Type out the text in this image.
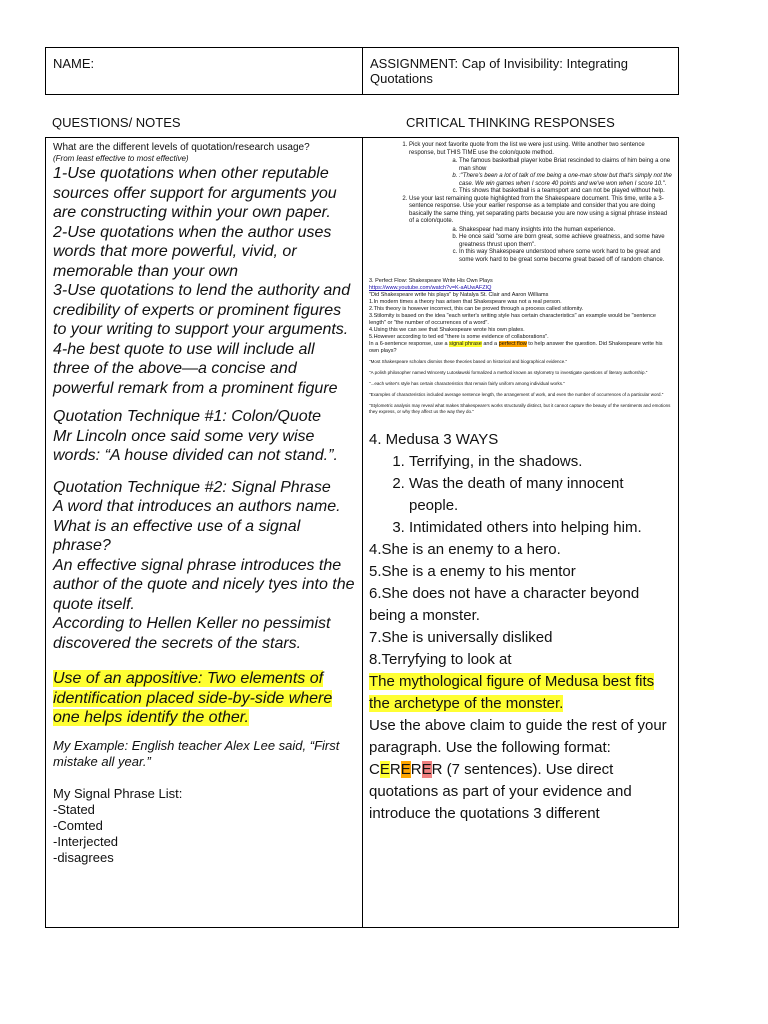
NAME:	ASSIGNMENT: Cap of Invisibility: Integrating Quotations
QUESTIONS/ NOTES	CRITICAL THINKING RESPONSES
What are the different levels of quotation/research usage?
(From least effective to most effective)
1-Use quotations when other reputable sources offer support for arguments you are constructing within your own paper.
2-Use quotations when the author uses words that more powerful, vivid, or memorable than your own
3-Use quotations to lend the authority and credibility of experts or prominent figures to your writing to support your arguments.
4-he best quote to use will include all three of the above—a concise and powerful remark from a prominent figure
Quotation Technique #1: Colon/Quote
Mr Lincoln once said some very wise words: “A house divided can not stand.”.
Quotation Technique #2: Signal Phrase
A word that introduces an authors name.
What is an effective use of a signal phrase?
An effective signal phrase introduces the author of the quote and nicely tyes into the quote itself.
According to Hellen Keller no pessimist discovered the secrets of the stars.
Use of an appositive: Two elements of identification placed side-by-side where one helps identify the other.
My Example: English teacher Alex Lee said, “First mistake all year.”
My Signal Phrase List:
-Stated
-Comted
-Interjected
-disagrees
1. Pick your next favorite quote from the list we were just using. Write another two sentence response, but THIS TIME use the colon/quote method.
a. The famous basketball player kobe Briat rescinded to claims of him being a one man show
b. :"There's been a lot of talk of me being a one-man show but that's simply not the case. We win games when I score 40 points and we've won when I score 10.".
c. This shows that basketball is a teamsport and can not be played without help.
2. Use your last remaining quote highlighted from the Shakespeare document. This time, write a 3-sentence response. Use your earlier response as a template and consider that you are doing basically the same thing, yet separating parts because you are now using a signal phrase instead of a colon/quote.
a. Shakespear had many insights into the human experience.
b. He once said "some are born great, some achieve greatness, and some have greatness thrust upon them".
c. In this way Shakespeare understood where some work hard to be great and some work hard to be great some become great based off of random chance.
3. Perfect Flow: Shakespeare Write His Own Plays
https://www.youtube.com/watch?v=K-aAUwAFZIQ
"Did Shakespeare write his plays" by Natalya St. Clair and Aaron Williams
1.In modern times a theory has arisen that Shakespeare was not a real person.
2.This theory is however incorrect, this can be proved through a process called stilomity.
3.Stilomity is based on the idea "each writer's writing style has certain characteristics" an example would be "sentence length" or "the number of occurrences of a word".
4.Using this we can see that Shakespeare wrote his own plates.
5.However according to ted ed "there is some evidence of collaborations".
In a 6-sentence response, use a signal phrase and a perfect flow to help answer the question. Did Shakespeare write his own plays?
"Most Shakespeare scholars dismiss these theories based on historical and biographical evidence."
"A polish philosopher named Wincenty Lutosławski formalized a method known as stylometry to investigate questions of literary authorship."
"...each writer's style has certain characteristics that remain fairly uniform among individual works."
"Examples of characteristics included average sentence length, the arrangement of work, and even the number of occurrences of a particular word."
"Stylometric analysis may reveal what makes Shakespeare's works structurally distinct, but it cannot capture the beauty of the sentiments and emotions they express, or why they affect us the way they do."
4. Medusa 3 WAYS
1. Terrifying, in the shadows.
2. Was the death of many innocent people.
3. Intimidated others into helping him.
4.She is an enemy to a hero.
5.She is a enemy to his mentor
6.She does not have a character beyond being a monster.
7.She is universally disliked
8.Terryfying to look at
The mythological figure of Medusa best fits the archetype of the monster.
Use the above claim to guide the rest of your paragraph. Use the following format: CERERER (7 sentences). Use direct quotations as part of your evidence and introduce the quotations 3 different
